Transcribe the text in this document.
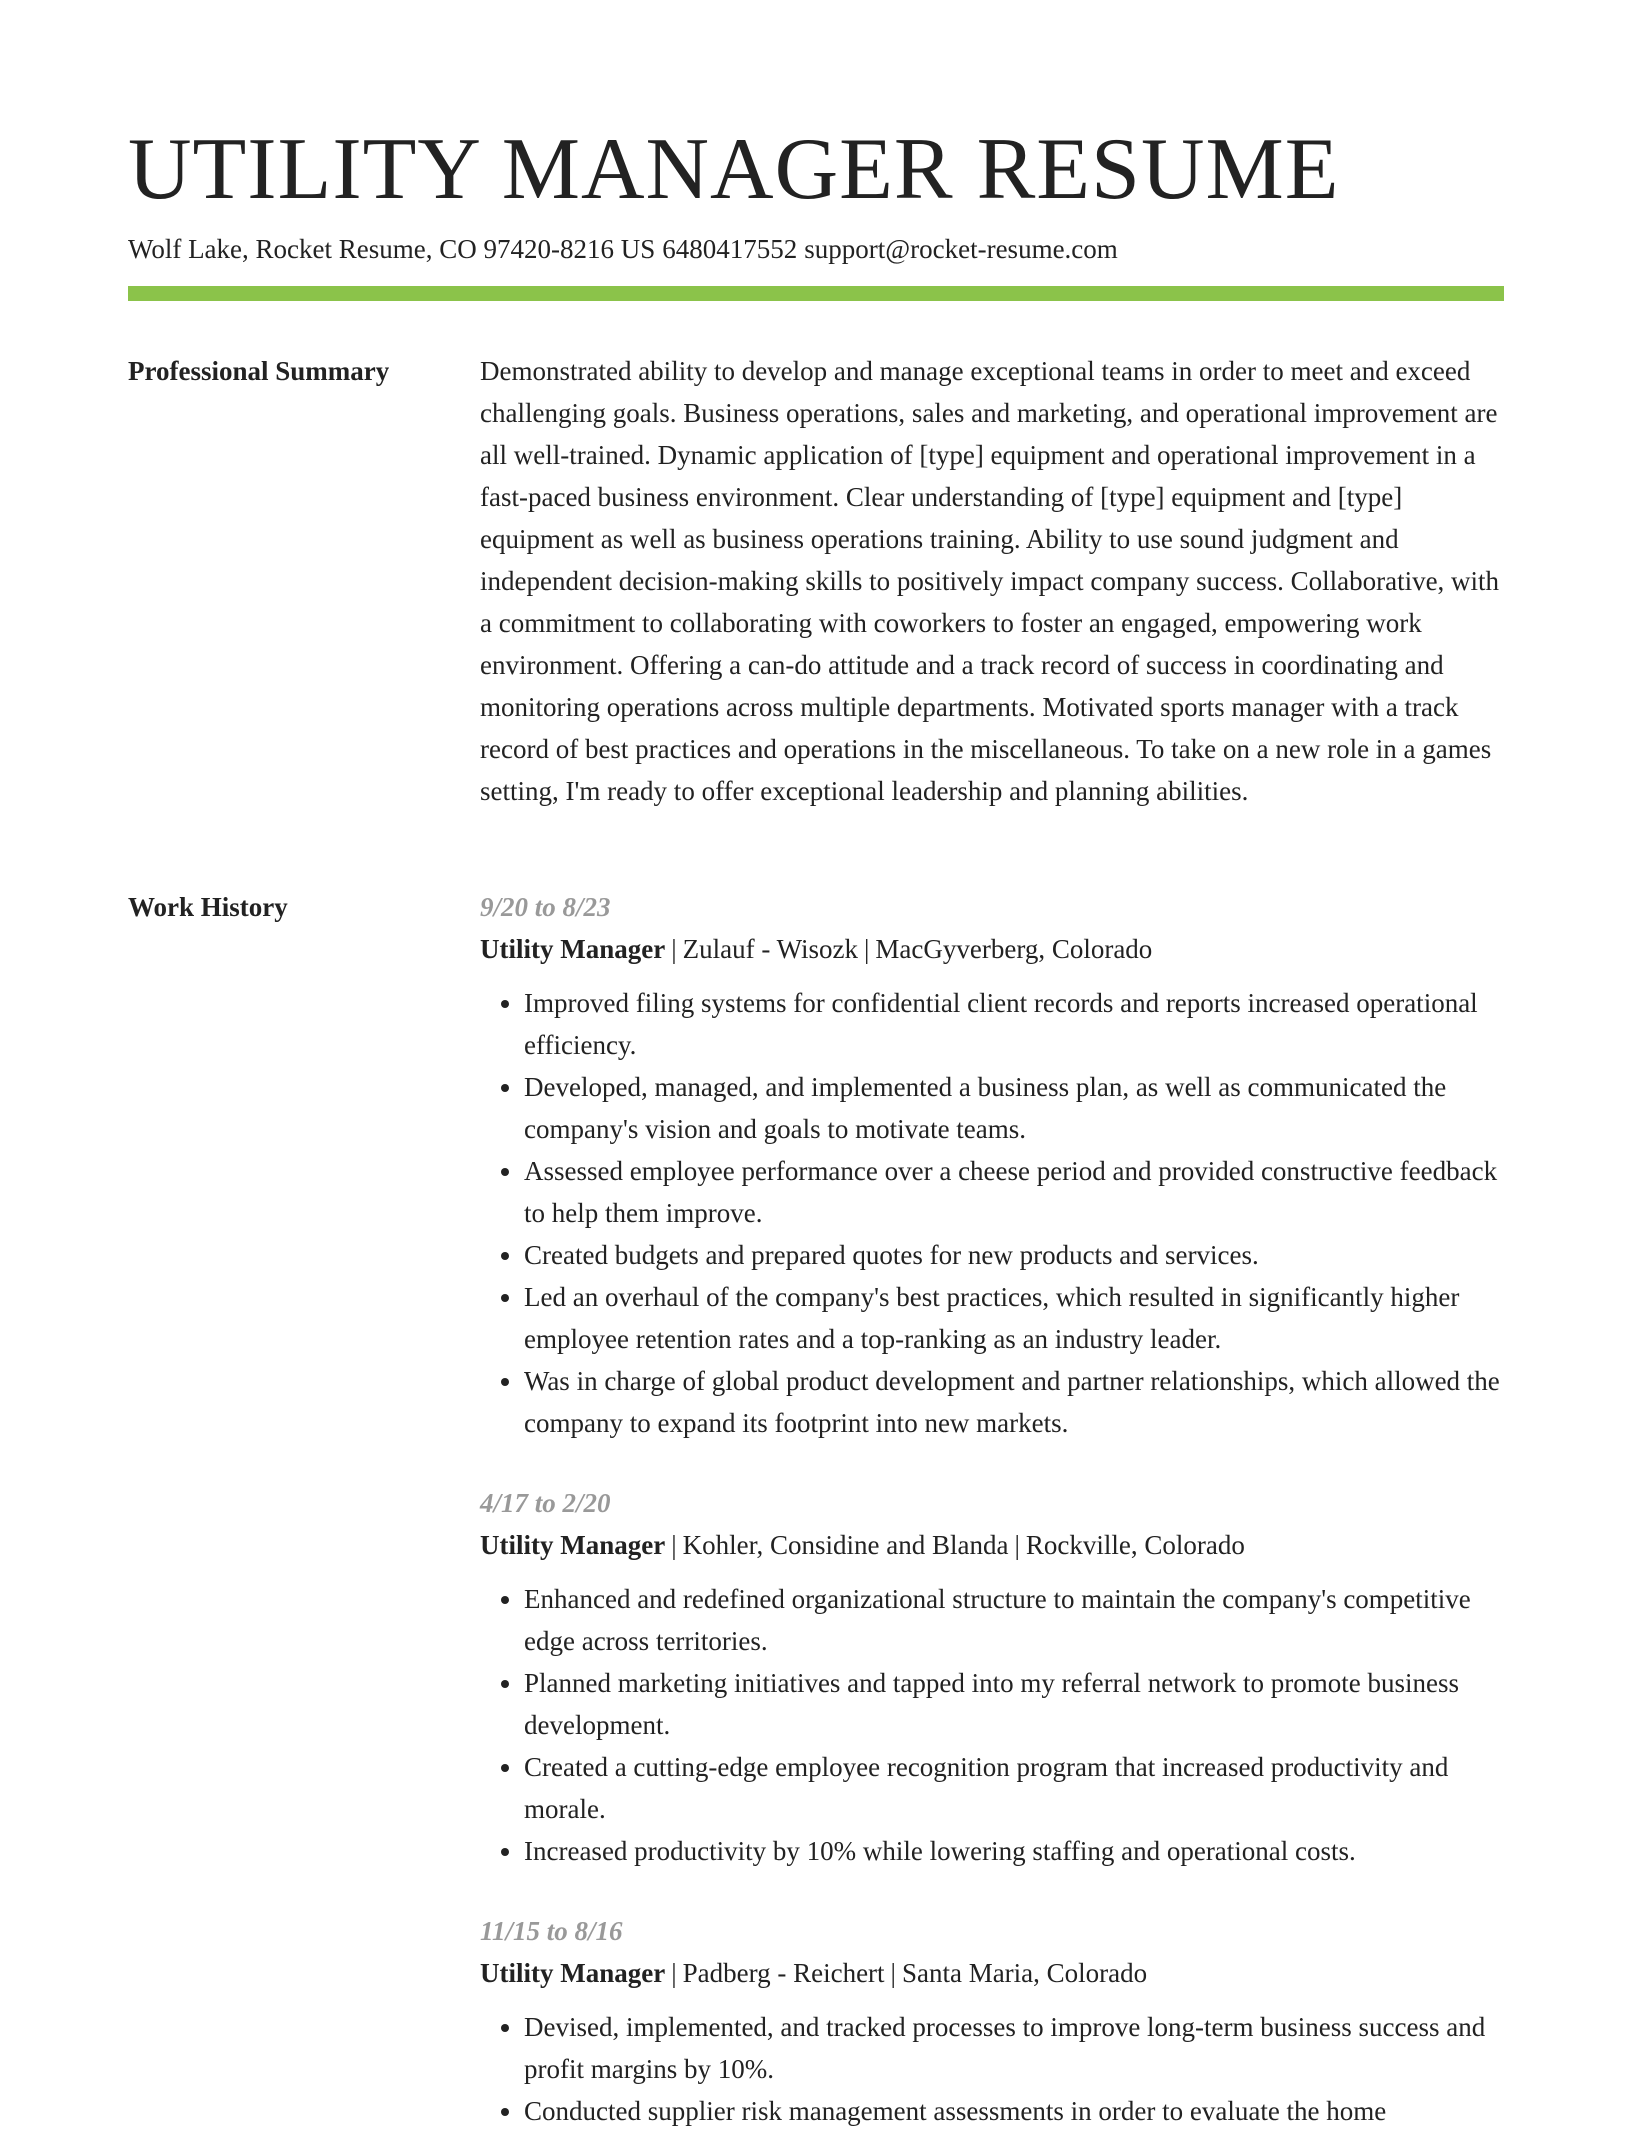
UTILITY MANAGER RESUME
Wolf Lake, Rocket Resume, CO 97420-8216 US 6480417552 support@rocket-resume.com
Professional Summary	Demonstrated ability to develop and manage exceptional teams in order to meet and exceed challenging goals. Business operations, sales and marketing, and operational improvement are all well-trained. Dynamic application of [type] equipment and operational improvement in a fast-paced business environment. Clear understanding of [type] equipment and [type] equipment as well as business operations training. Ability to use sound judgment and independent decision-making skills to positively impact company success. Collaborative, with a commitment to collaborating with coworkers to foster an engaged, empowering work environment. Offering a can-do attitude and a track record of success in coordinating and monitoring operations across multiple departments. Motivated sports manager with a track record of best practices and operations in the miscellaneous. To take on a new role in a games setting, I'm ready to offer exceptional leadership and planning abilities.

Work History	9/20 to 8/23
Utility Manager | Zulauf - Wisozk | MacGyverberg, Colorado
• Improved filing systems for confidential client records and reports increased operational efficiency.
• Developed, managed, and implemented a business plan, as well as communicated the company's vision and goals to motivate teams.
• Assessed employee performance over a cheese period and provided constructive feedback to help them improve.
• Created budgets and prepared quotes for new products and services.
• Led an overhaul of the company's best practices, which resulted in significantly higher employee retention rates and a top-ranking as an industry leader.
• Was in charge of global product development and partner relationships, which allowed the company to expand its footprint into new markets.
4/17 to 2/20
Utility Manager | Kohler, Considine and Blanda | Rockville, Colorado
• Enhanced and redefined organizational structure to maintain the company's competitive edge across territories.
• Planned marketing initiatives and tapped into my referral network to promote business development.
• Created a cutting-edge employee recognition program that increased productivity and morale.
• Increased productivity by 10% while lowering staffing and operational costs.
11/15 to 8/16
Utility Manager | Padberg - Reichert | Santa Maria, Colorado
• Devised, implemented, and tracked processes to improve long-term business success and profit margins by 10%.
• Conducted supplier risk management assessments in order to evaluate the home
